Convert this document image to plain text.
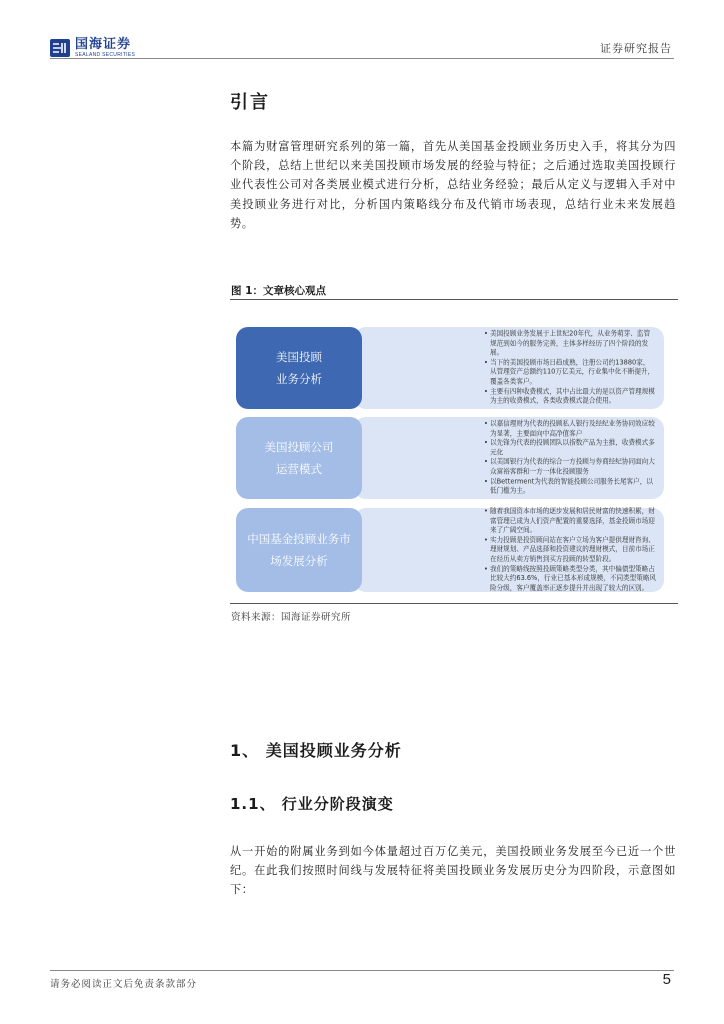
国海证券
SEALAND SECURITIES	证券研究报告
引言
本篇为财富管理研究系列的第一篇，首先从美国基金投顾业务历史入手，将其分为四个阶段，总结上世纪以来美国投顾市场发展的经验与特征；之后通过选取美国投顾行业代表性公司对各类展业模式进行分析，总结业务经验；最后从定义与逻辑入手对中美投顾业务进行对比，分析国内策略线分布及代销市场表现，总结行业未来发展趋势。
图 1：文章核心观点
• 美国投顾业务发展于上世纪20年代，从业务萌芽、监管规范到如今的服务完善，主体多样经历了四个阶段的发展。
• 当下的美国投顾市场日趋成熟，注册公司约13880家，从管理资产总额约110万亿美元，行业集中化不断提升，覆盖各类客户。
• 主要有四种收费模式，其中占比最大的是以资产管理规模为主的收费模式，各类收费模式混合使用。
美国投顾
业务分析
• 以嘉信理财为代表的投顾私人银行及经纪业务协同效应较为显著，主要面向中高净值客户
• 以先锋为代表的投顾团队以指数产品为主推，收费模式多元化
• 以美国银行为代表的综合一方投顾与券商经纪协同面向大众富裕客群和一方一体化投顾服务
• 以Betterment为代表的智能投顾公司服务长尾客户，以低门槛为主。
美国投顾公司
运营模式
• 随着我国资本市场的逐步发展和居民财富的快速积累，财富管理已成为人们资产配置的重要选择，基金投顾市场迎来了广阔空间。
• 实力投顾是投资顾问站在客户立场为客户提供理财咨询、理财规划、产品选择和投资建议的理财模式，目前市场正在经历从卖方销售到买方投顾的转型阶段。
• 我们的策略线按照投顾策略类型分类，其中偏债型策略占比较大约63.6%，行业已基本形成规模，不同类型策略风险分级，客户覆盖率正逐步提升并出现了较大的区别。
中国基金投顾业务市
场发展分析
资料来源：国海证券研究所
1、 美国投顾业务分析
1.1、 行业分阶段演变
从一开始的附属业务到如今体量超过百万亿美元，美国投顾业务发展至今已近一个世纪。在此我们按照时间线与发展特征将美国投顾业务发展历史分为四阶段，示意图如下：
请务必阅读正文后免责条款部分	5
